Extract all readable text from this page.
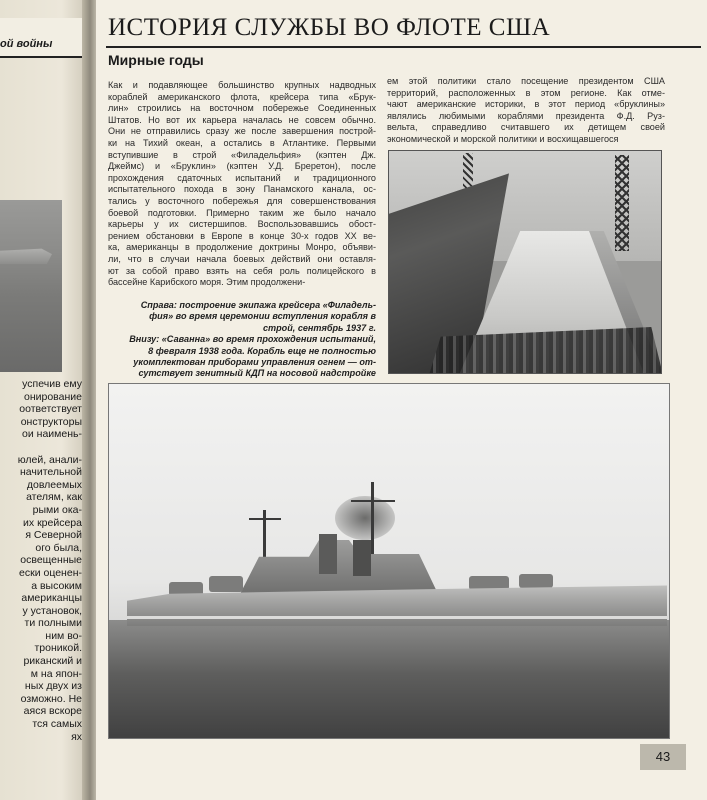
ой войны
успечив ему
онирование
оответствует
онструкторы
ои наимень-
юлей, анали-
начительной
довлеемых
ателям, как
рыми ока-
их крейсера
я Северной
ого была,
освещенные
ески оценен-
а высоким
американцы
у установок,
ти полными
ним во-
троникой.
риканский и
м на япон-
ных двух из
озможно. Не
аяся вскоре
тся самых
ях
ИСТОРИЯ СЛУЖБЫ ВО ФЛОТЕ США
Мирные годы
Как и подавляющее большинство крупных надводных
кораблей американского флота, крейсера типа «Брук-
лин» строились на восточном побережье Соединенных
Штатов. Но вот их карьера началась не совсем обычно.
Они не отправились сразу же после завершения построй-
ки на Тихий океан, а остались в Атлантике. Первыми
вступившие в строй «Филадельфия» (кэптен Дж.
Джеймс) и «Бруклин» (кэптен У.Д. Бреретон), после
прохождения сдаточных испытаний и традиционного
испытательного похода в зону Панамского канала, ос-
тались у восточного побережья для совершенствования
боевой подготовки. Примерно таким же было начало
карьеры у их систершипов. Воспользовавшись обост-
рением обстановки в Европе в конце 30-х годов XX ве-
ка, американцы в продолжение доктрины Монро, объяви-
ли, что в случаи начала боевых действий они оставля-
ют за собой право взять на себя роль полицейского в
бассейне Карибского моря. Этим продолжени-
ем этой политики стало посещение президентом США
территорий, расположенных в этом регионе. Как отме-
чают американские историки, в этот период «бруклины»
являлись любимыми кораблями президента Ф.Д. Руз-
вельта, справедливо считавшего их детищем своей
экономической и морской политики и восхищавшегося
Справа: построение экипажа крейсера «Филадель-
фия» во время церемонии вступления корабля в
строй, сентябрь 1937 г.
Внизу: «Саванна» во время прохождения испытаний,
8 февраля 1938 года. Корабль еще не полностью
укомплектован приборами управления огнем — от-
сутствует зенитный КДП на носовой надстройке
43
